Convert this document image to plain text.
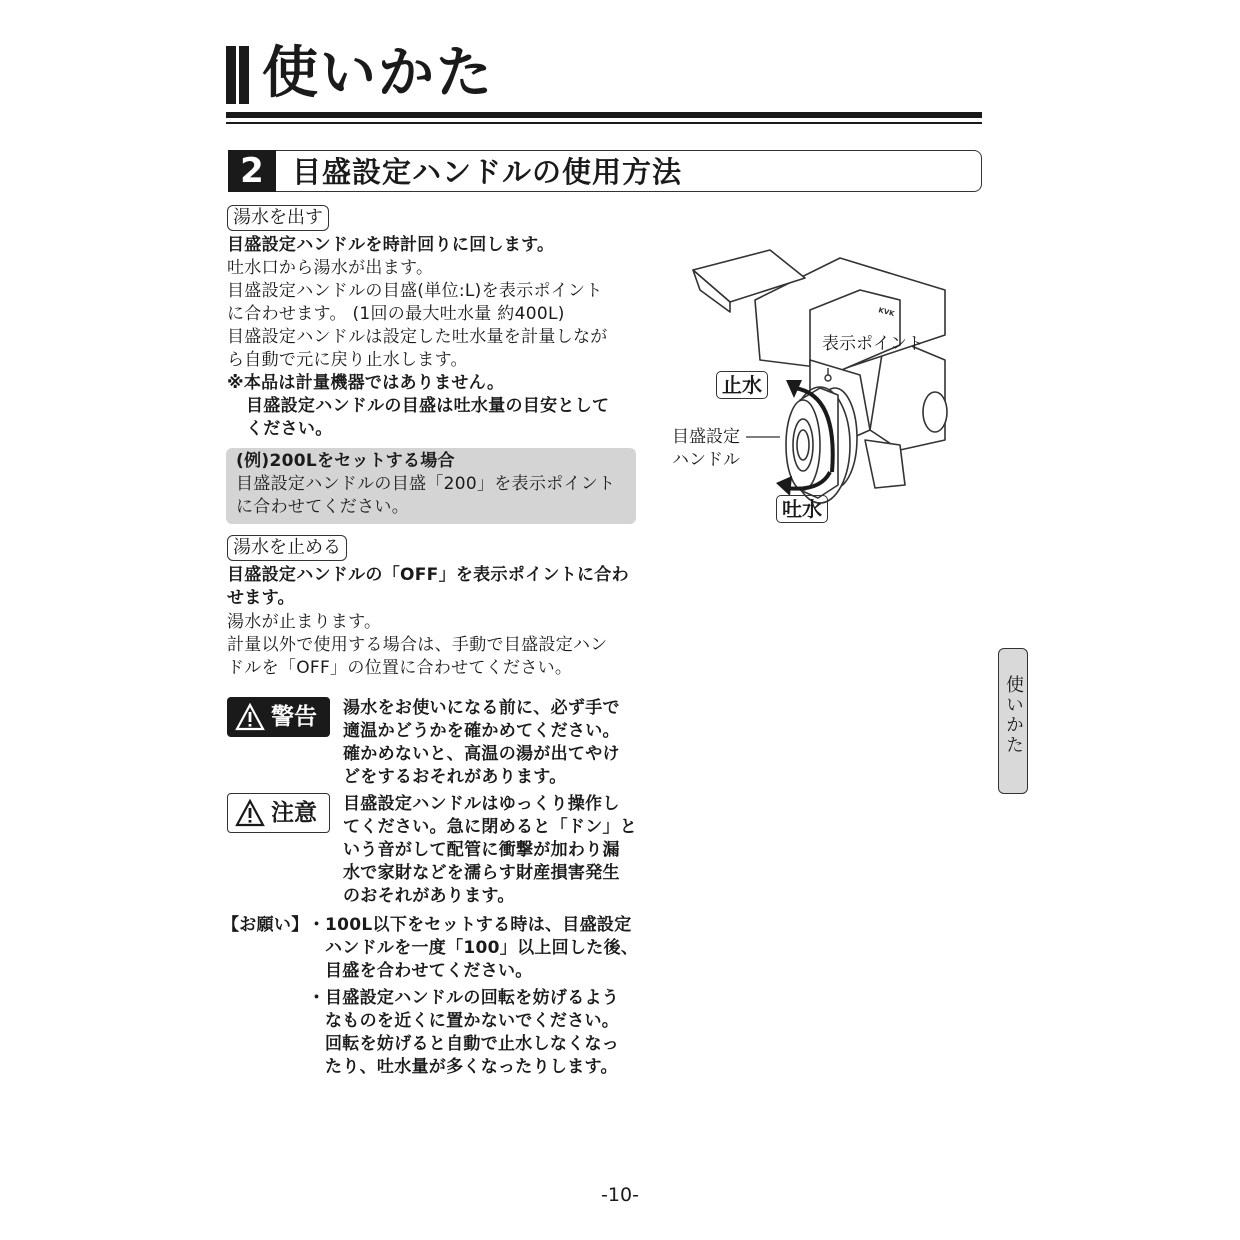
使いかた
2 目盛設定ハンドルの使用方法
湯水を出す
目盛設定ハンドルを時計回りに回します。
吐水口から湯水が出ます。
目盛設定ハンドルの目盛(単位:L)を表示ポイント
に合わせます。 (1回の最大吐水量 約400L)
目盛設定ハンドルは設定した吐水量を計量しなが
ら自動で元に戻り止水します。
※本品は計量機器ではありません。
目盛設定ハンドルの目盛は吐水量の目安として
ください。
(例)200Lをセットする場合
目盛設定ハンドルの目盛「200」を表示ポイント
に合わせてください。
湯水を止める
目盛設定ハンドルの「OFF」を表示ポイントに合わ
せます。
湯水が止まります。
計量以外で使用する場合は、手動で目盛設定ハン
ドルを「OFF」の位置に合わせてください。
警告 湯水をお使いになる前に、必ず手で
適温かどうかを確かめてください。
確かめないと、高温の湯が出てやけ
どをするおそれがあります。
注意 目盛設定ハンドルはゆっくり操作し
てください。急に閉めると「ドン」と
いう音がして配管に衝撃が加わり漏
水で家財などを濡らす財産損害発生
のおそれがあります。
【お願い】 ・ 100L以下をセットする時は、目盛設定
ハンドルを一度「100」以上回した後、
目盛を合わせてください。
・ 目盛設定ハンドルの回転を妨げるよう
なものを近くに置かないでください。
回転を妨げると自動で止水しなくなっ
たり、吐水量が多くなったりします。
KVK
表示ポイント
止水
吐水
目盛設定
ハンドル
使いかた
-10-
